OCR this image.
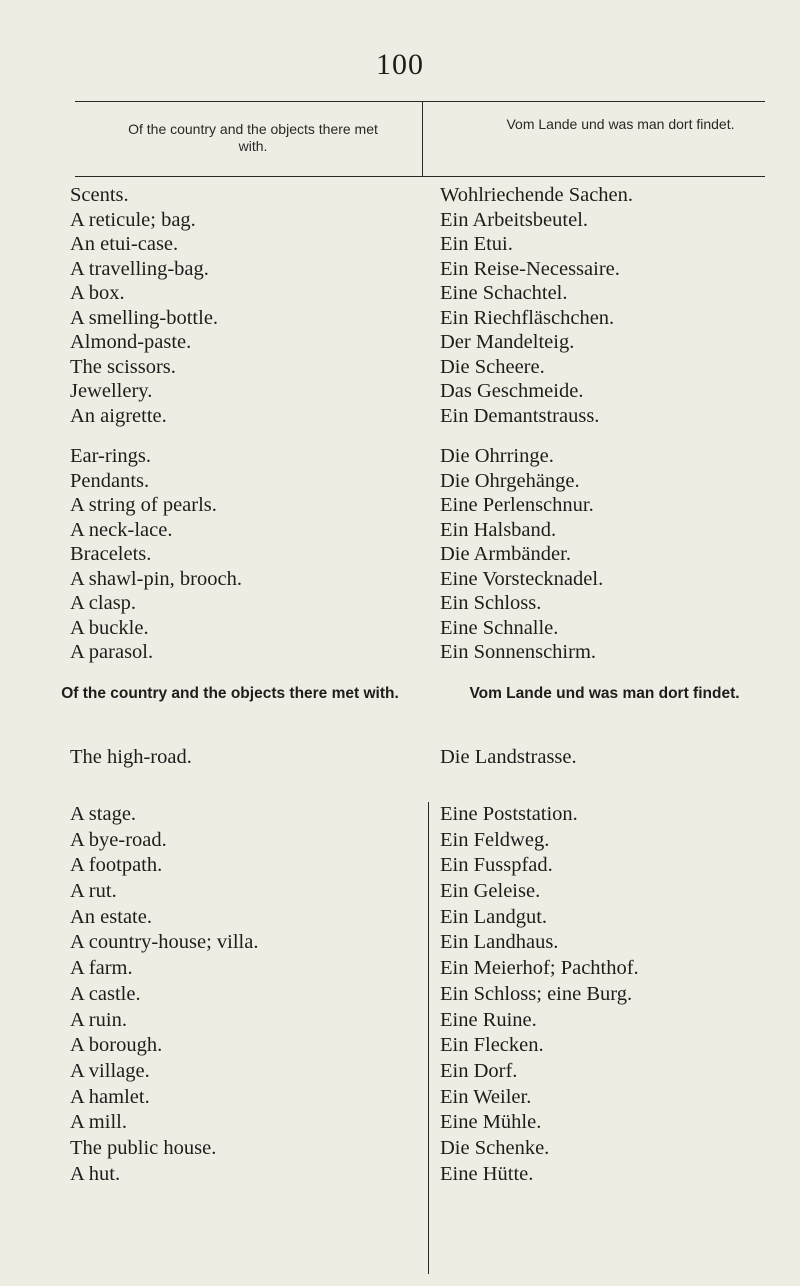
100
Of the country and the objects there met with.
Vom Lande und was man dort findet.
Scents.
A reticule; bag.
An etui-case.
A travelling-bag.
A box.
A smelling-bottle.
Almond-paste.
The scissors.
Jewellery.
An aigrette.
Wohlriechende Sachen.
Ein Arbeitsbeutel.
Ein Etui.
Ein Reise-Necessaire.
Eine Schachtel.
Ein Riechfläschchen.
Der Mandelteig.
Die Scheere.
Das Geschmeide.
Ein Demantstrauss.
Ear-rings.
Pendants.
A string of pearls.
A neck-lace.
Bracelets.
A shawl-pin, brooch.
A clasp.
A buckle.
A parasol.
Die Ohrringe.
Die Ohrgehänge.
Eine Perlenschnur.
Ein Halsband.
Die Armbänder.
Eine Vorstecknadel.
Ein Schloss.
Eine Schnalle.
Ein Sonnenschirm.
Of the country and the objects there met with.	Vom Lande und was man dort findet.
The high-road.	Die Landstrasse.
A stage.
A bye-road.
A footpath.
A rut.
An estate.
A country-house; villa.
A farm.
A castle.
A ruin.
A borough.
A village.
A hamlet.
A mill.
The public house.
A hut.
Eine Poststation.
Ein Feldweg.
Ein Fusspfad.
Ein Geleise.
Ein Landgut.
Ein Landhaus.
Ein Meierhof; Pachthof.
Ein Schloss; eine Burg.
Eine Ruine.
Ein Flecken.
Ein Dorf.
Ein Weiler.
Eine Mühle.
Die Schenke.
Eine Hütte.
